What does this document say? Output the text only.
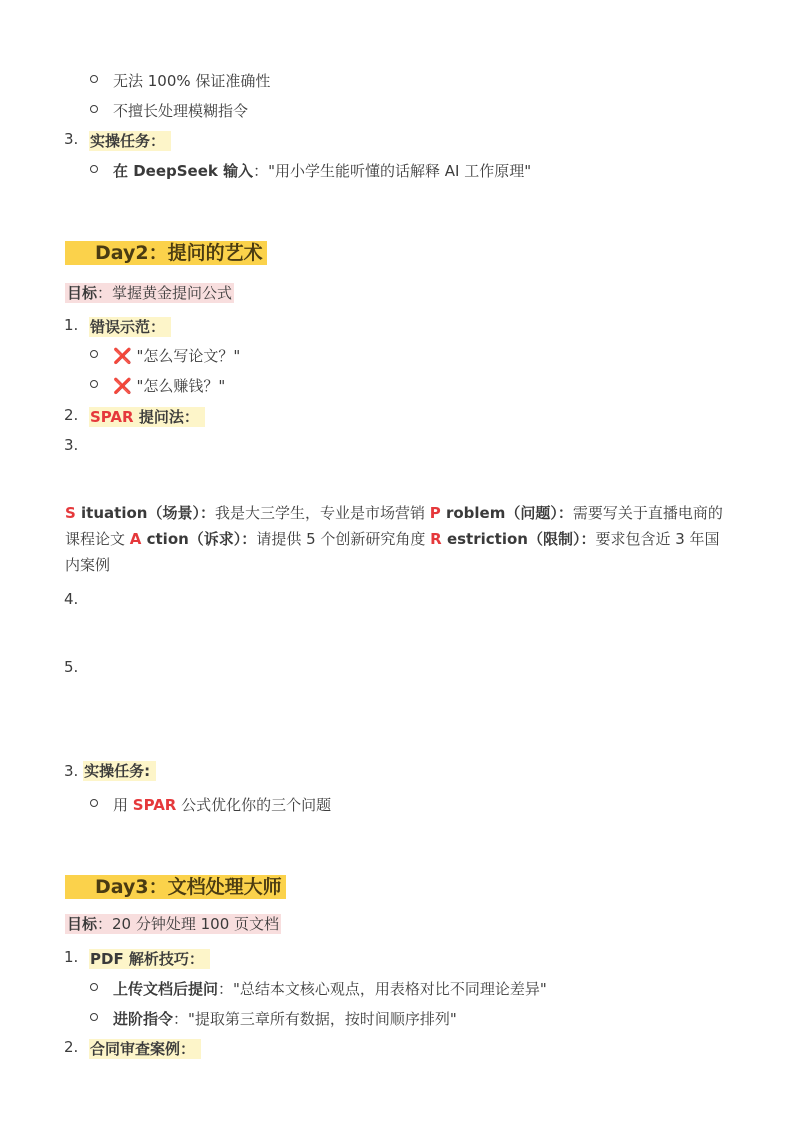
无法 100% 保证准确性
不擅长处理模糊指令
3. 实操任务：
在 DeepSeek 输入："用小学生能听懂的话解释 AI 工作原理"
Day2：提问的艺术
目标：掌握黄金提问公式
1. 错误示范：
❌ "怎么写论文？"
❌ "怎么赚钱？"
2. SPAR 提问法：
3.
S ituation（场景）：我是大三学生，专业是市场营销 P roblem（问题）：需要写关于直播电商的课程论文 A ction（诉求）：请提供 5 个创新研究角度 R estriction（限制）：要求包含近 3 年国内案例
4.
5.
3. 实操任务:
用 SPAR 公式优化你的三个问题
Day3：文档处理大师
目标：20 分钟处理 100 页文档
1. PDF 解析技巧：
上传文档后提问："总结本文核心观点，用表格对比不同理论差异"
进阶指令："提取第三章所有数据，按时间顺序排列"
2. 合同审查案例：
